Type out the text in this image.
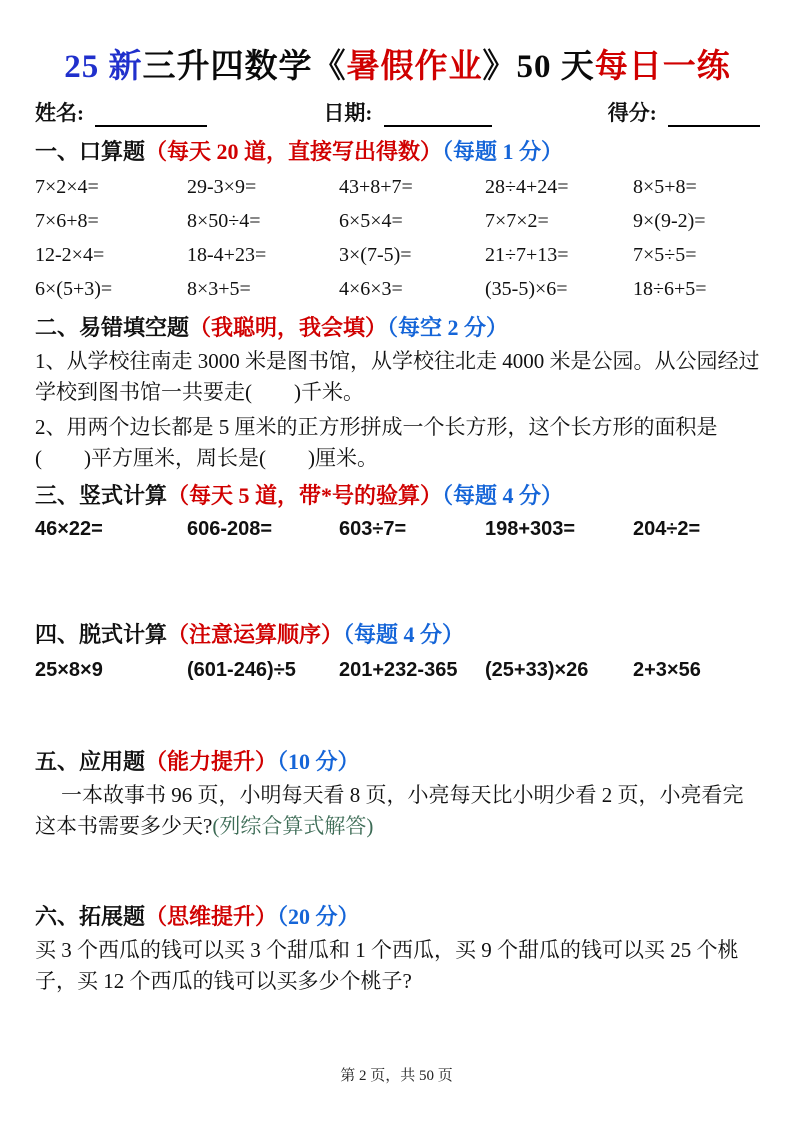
25 新三升四数学《暑假作业》50 天每日一练
姓名:	日期:	得分:
一、口算题（每天 20 道，直接写出得数）（每题 1 分）
7×2×4=	29-3×9=	43+8+7=	28÷4+24=	8×5+8=
7×6+8=	8×50÷4=	6×5×4=	7×7×2=	9×(9-2)=
12-2×4=	18-4+23=	3×(7-5)=	21÷7+13=	7×5÷5=
6×(5+3)=	8×3+5=	4×6×3=	(35-5)×6=	18÷6+5=
二、易错填空题（我聪明，我会填）（每空 2 分）

1、从学校往南走 3000 米是图书馆，从学校往北走 4000 米是公园。从公园经过学校到图书馆一共要走(　　)千米。

2、用两个边长都是 5 厘米的正方形拼成一个长方形，这个长方形的面积是(　　)平方厘米，周长是(　　)厘米。

三、竖式计算（每天 5 道，带*号的验算）（每题 4 分）
46×22=	606-208=	603÷7=	198+303=	204÷2=
四、脱式计算（注意运算顺序）（每题 4 分）
25×8×9	(601-246)÷5	201+232-365	(25+33)×26	2+3×56
五、应用题（能力提升）（10 分）

一本故事书 96 页，小明每天看 8 页，小亮每天比小明少看 2 页，小亮看完这本书需要多少天?(列综合算式解答)

六、拓展题（思维提升）（20 分）

买 3 个西瓜的钱可以买 3 个甜瓜和 1 个西瓜，买 9 个甜瓜的钱可以买 25 个桃子，买 12 个西瓜的钱可以买多少个桃子?

第 2 页，共 50 页
